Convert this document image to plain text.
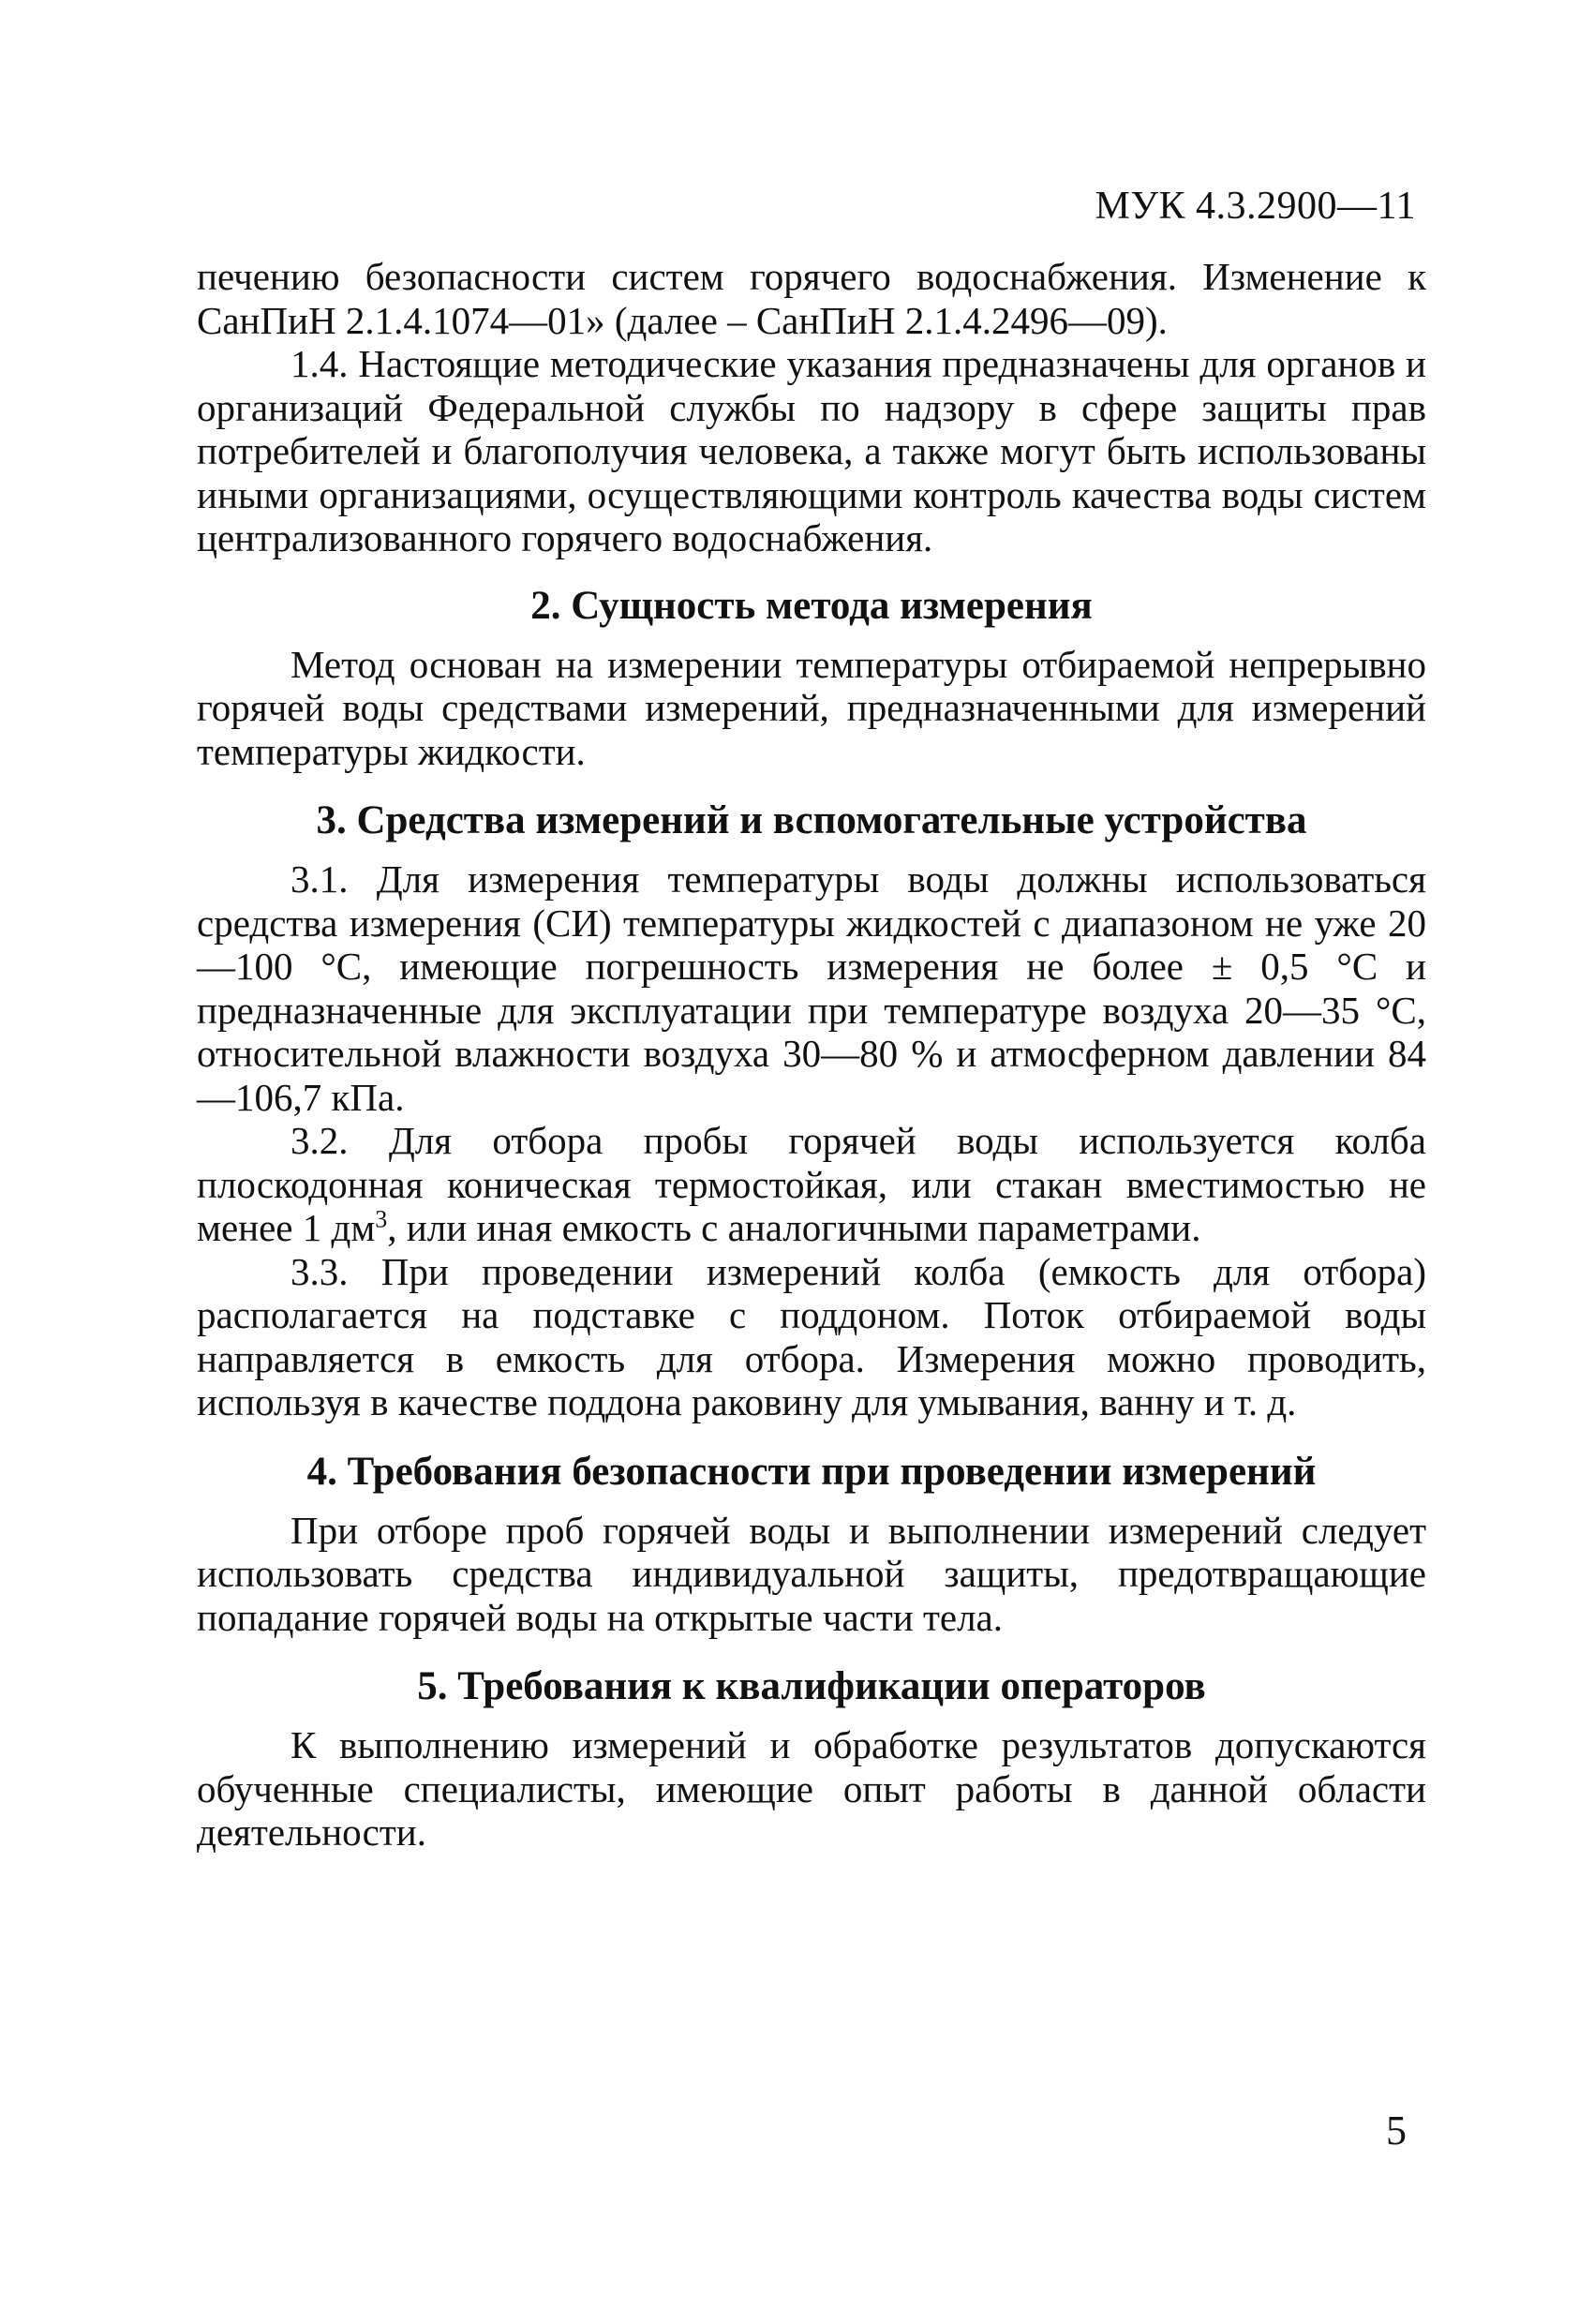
МУК 4.3.2900—11

печению безопасности систем горячего водоснабжения. Изменение к СанПиН 2.1.4.1074—01» (далее – СанПиН 2.1.4.2496—09).

1.4. Настоящие методические указания предназначены для органов и организаций Федеральной службы по надзору в сфере защиты прав потребителей и благополучия человека, а также могут быть использованы иными организациями, осуществляющими контроль качества воды систем централизованного горячего водоснабжения.

2. Сущность метода измерения

Метод основан на измерении температуры отбираемой непрерывно горячей воды средствами измерений, предназначенными для измерений температуры жидкости.

3. Средства измерений и вспомогательные устройства

3.1. Для измерения температуры воды должны использоваться средства измерения (СИ) температуры жидкостей с диапазоном не уже 20—100 °С, имеющие погрешность измерения не более ± 0,5 °С и предназначенные для эксплуатации при температуре воздуха 20—35 °С, относительной влажности воздуха 30—80 % и атмосферном давлении 84—106,7 кПа.

3.2. Для отбора пробы горячей воды используется колба плоскодонная коническая термостойкая, или стакан вместимостью не менее 1 $дм^3$, или иная емкость с аналогичными параметрами.

3.3. При проведении измерений колба (емкость для отбора) располагается на подставке с поддоном. Поток отбираемой воды направляется в емкость для отбора. Измерения можно проводить, используя в качестве поддона раковину для умывания, ванну и т. д.

4. Требования безопасности при проведении измерений

При отборе проб горячей воды и выполнении измерений следует использовать средства индивидуальной защиты, предотвращающие попадание горячей воды на открытые части тела.

5. Требования к квалификации операторов

К выполнению измерений и обработке результатов допускаются обученные специалисты, имеющие опыт работы в данной области деятельности.

5
